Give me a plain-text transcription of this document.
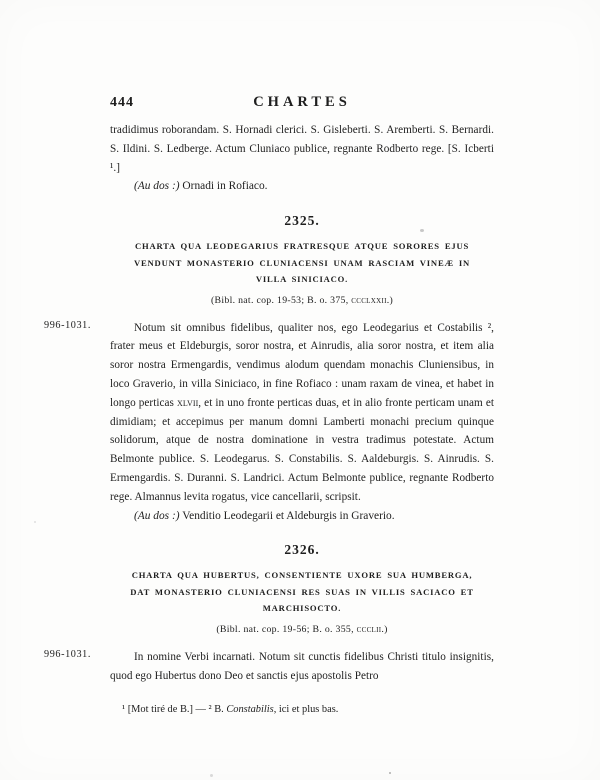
444	CHARTES

tradidimus roborandam. S. Hornadi clerici. S. Gisleberti. S. Aremberti. S. Bernardi. S. Ildini. S. Ledberge. Actum Cluniaco publice, regnante Rodberto rege. [S. Icberti ¹.]

(Au dos :) Ornadi in Rofiaco.

2325.

CHARTA QUA LEODEGARIUS FRATRESQUE ATQUE SORORES EJUS VENDUNT MONASTERIO CLUNIACENSI UNAM RASCIAM VINEÆ IN VILLA SINICIACO.

(Bibl. nat. cop. 19-53; B. o. 375, ccclxxii.)

996-1031.	Notum sit omnibus fidelibus, qualiter nos, ego Leodegarius et Costabilis ², frater meus et Eldeburgis, soror nostra, et Ainrudis, alia soror nostra, et item alia soror nostra Ermengardis, vendimus alodum quendam monachis Cluniensibus, in loco Graverio, in villa Siniciaco, in fine Rofiaco : unam raxam de vinea, et habet in longo perticas xlvii, et in uno fronte perticas duas, et in alio fronte perticam unam et dimidiam; et accepimus per manum domni Lamberti monachi precium quinque solidorum, atque de nostra dominatione in vestra tradimus potestate. Actum Belmonte publice. S. Leodegarus. S. Constabilis. S. Aaldeburgis. S. Ainrudis. S. Ermengardis. S. Duranni. S. Landrici. Actum Belmonte publice, regnante Rodberto rege. Almannus levita rogatus, vice cancellarii, scripsit.

(Au dos :) Venditio Leodegarii et Aldeburgis in Graverio.

2326.

CHARTA QUA HUBERTUS, CONSENTIENTE UXORE SUA HUMBERGA, DAT MONASTERIO CLUNIACENSI RES SUAS IN VILLIS SACIACO ET MARCHISOCTO.

(Bibl. nat. cop. 19-56; B. o. 355, ccclii.)

996-1031.	In nomine Verbi incarnati. Notum sit cunctis fidelibus Christi titulo insignitis, quod ego Hubertus dono Deo et sanctis ejus apostolis Petro

¹ [Mot tiré de B.] — ² B. Constabilis, ici et plus bas.
